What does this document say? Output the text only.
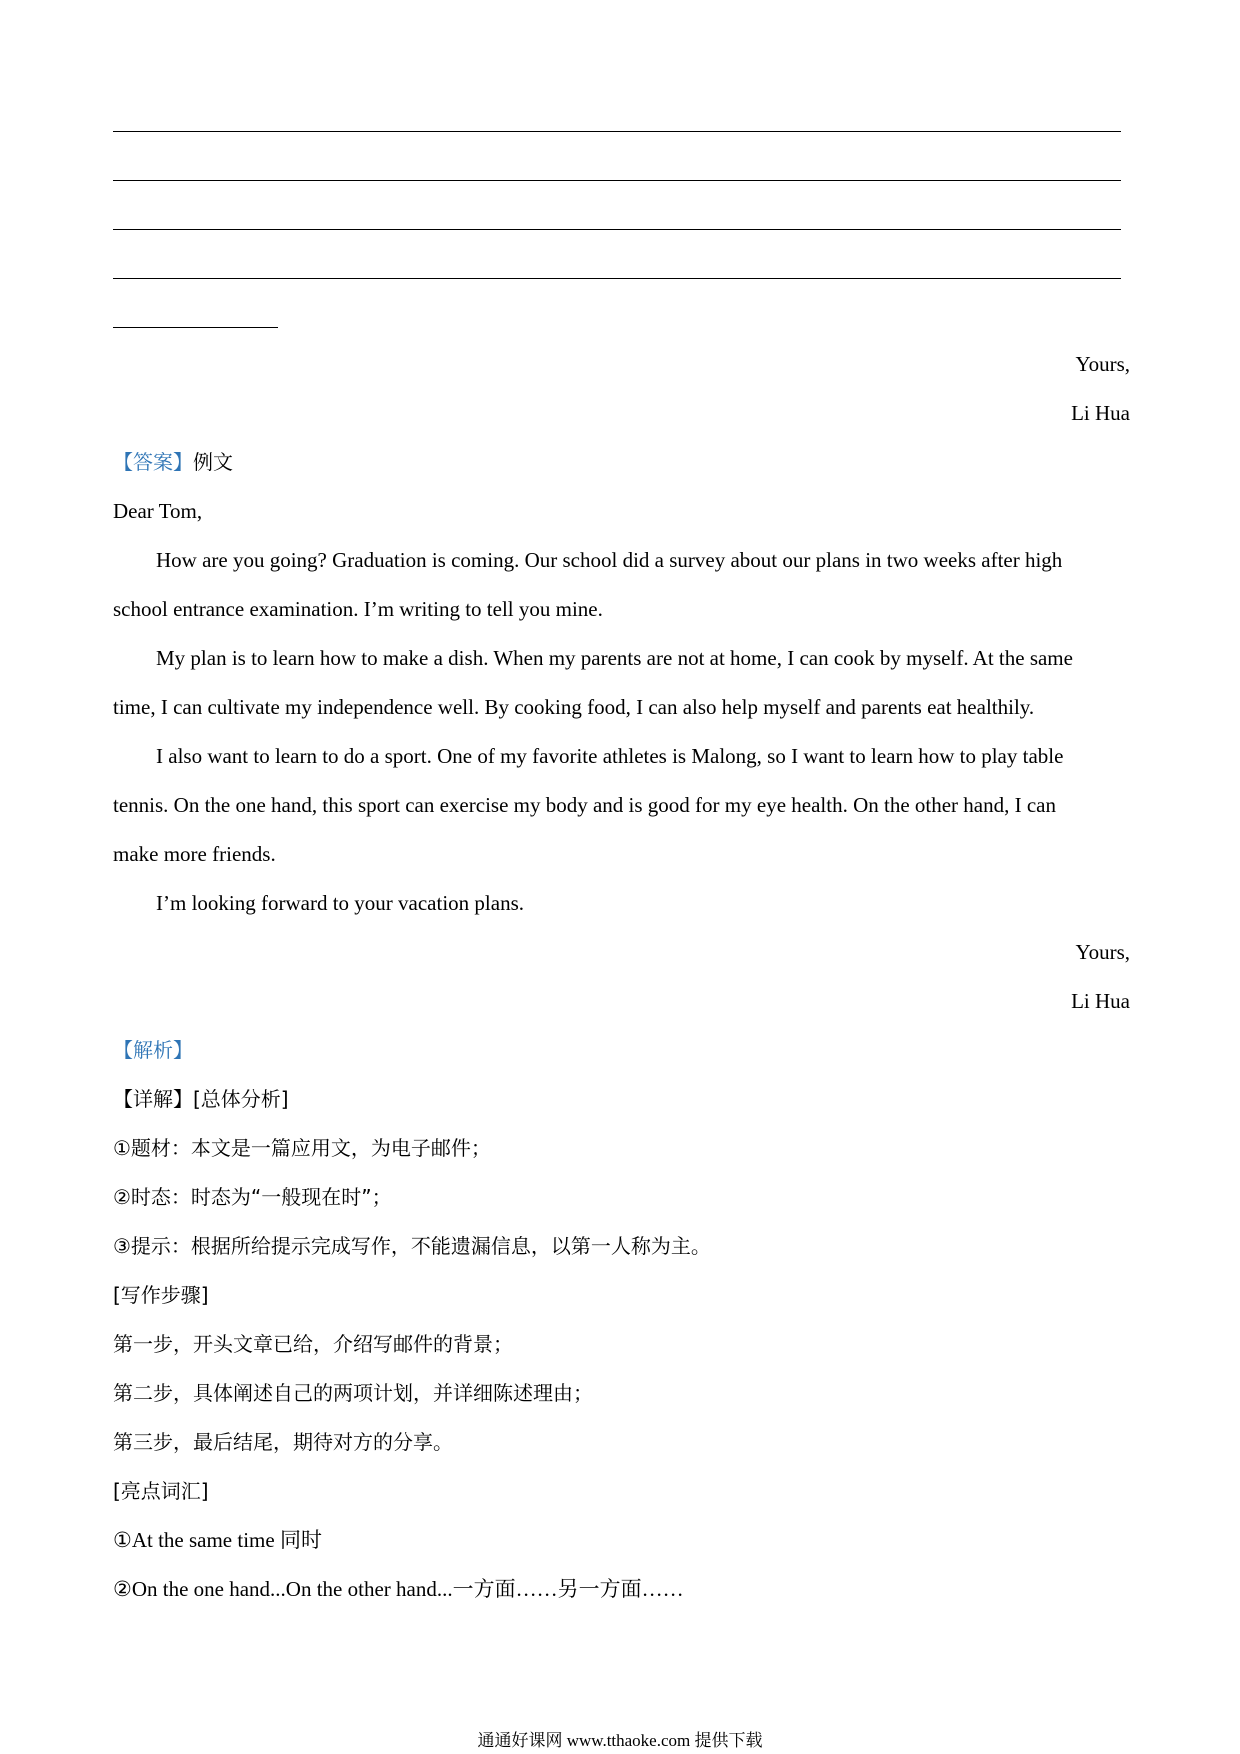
Yours,
Li Hua
【答案】例文
Dear Tom,
How are you going? Graduation is coming. Our school did a survey about our plans in two weeks after high
school entrance examination. I’m writing to tell you mine.
My plan is to learn how to make a dish. When my parents are not at home, I can cook by myself. At the same
time, I can cultivate my independence well. By cooking food, I can also help myself and parents eat healthily.
I also want to learn to do a sport. One of my favorite athletes is Malong, so I want to learn how to play table
tennis. On the one hand, this sport can exercise my body and is good for my eye health. On the other hand, I can
make more friends.
I’m looking forward to your vacation plans.
Yours,
Li Hua
【解析】
【详解】[总体分析]
①题材：本文是一篇应用文，为电子邮件；
②时态：时态为“一般现在时”；
③提示：根据所给提示完成写作，不能遗漏信息，以第一人称为主。
[写作步骤]
第一步，开头文章已给，介绍写邮件的背景；
第二步，具体阐述自己的两项计划，并详细陈述理由；
第三步，最后结尾，期待对方的分享。
[亮点词汇]
①At the same time 同时
②On the one hand...On the other hand...一方面……另一方面……
通通好课网 www.tthaoke.com 提供下载
